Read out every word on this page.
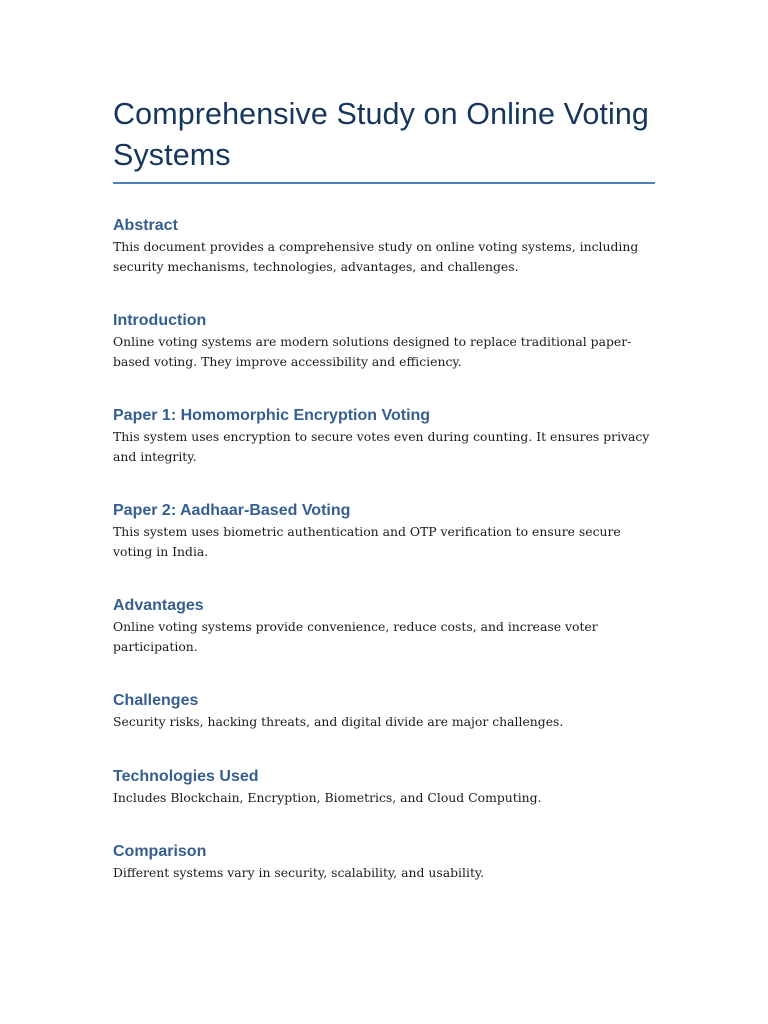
Comprehensive Study on Online Voting Systems
Abstract

This document provides a comprehensive study on online voting systems, including security mechanisms, technologies, advantages, and challenges.

Introduction

Online voting systems are modern solutions designed to replace traditional paper-based voting. They improve accessibility and efficiency.

Paper 1: Homomorphic Encryption Voting

This system uses encryption to secure votes even during counting. It ensures privacy and integrity.

Paper 2: Aadhaar-Based Voting

This system uses biometric authentication and OTP verification to ensure secure voting in India.

Advantages

Online voting systems provide convenience, reduce costs, and increase voter participation.

Challenges

Security risks, hacking threats, and digital divide are major challenges.

Technologies Used

Includes Blockchain, Encryption, Biometrics, and Cloud Computing.

Comparison

Different systems vary in security, scalability, and usability.
